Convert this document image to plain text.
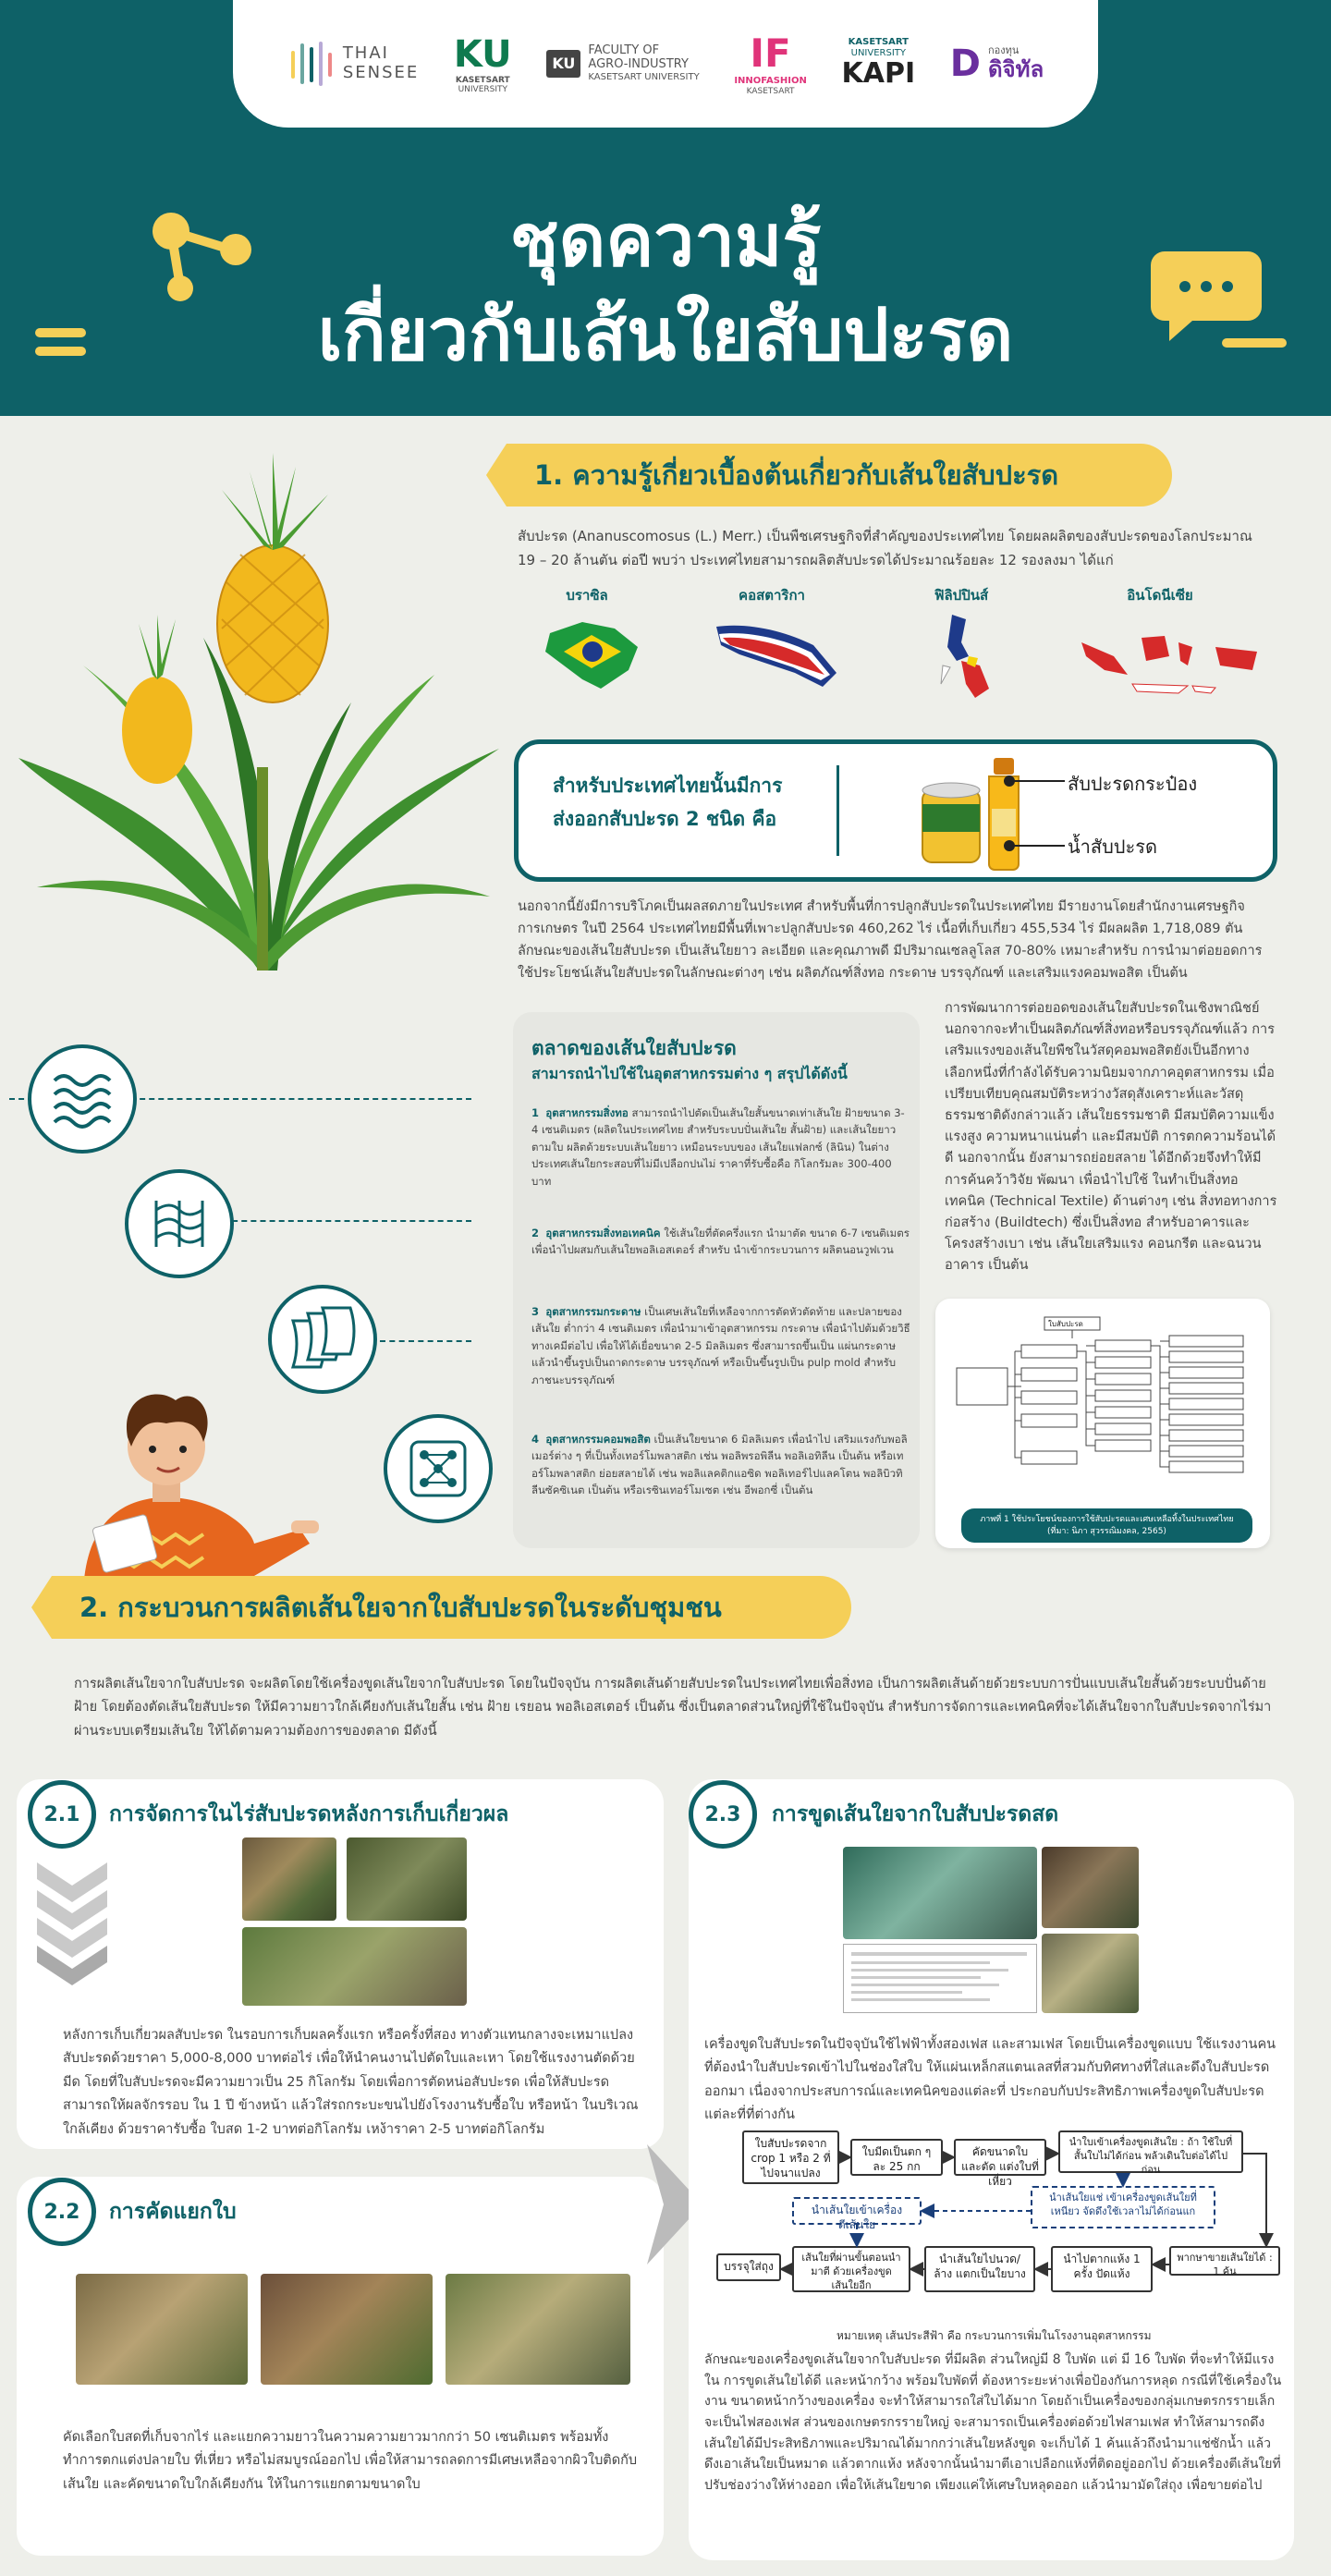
THAI
SENSEE KU
KASETSART
UNIVERSITY
KU
FACULTY OF
AGRO-INDUSTRY
KASETSART UNIVERSITY
IF
INNOFASHION
KASETSART
KASETSART
UNIVERSITY
KAPI D กองทุน
ดิจิทัล
ชุดความรู้
เกี่ยวกับเส้นใยสับปะรด
1. ความรู้เกี่ยวเบื้องต้นเกี่ยวกับเส้นใยสับปะรด
สับปะรด (Ananuscomosus (L.) Merr.) เป็นพืชเศรษฐกิจที่สำคัญของประเทศไทย โดยผลผลิตของสับปะรดของโลกประมาณ 19 – 20 ล้านตัน ต่อปี พบว่า ประเทศไทยสามารถผลิตสับปะรดได้ประมาณร้อยละ 12 รองลงมา ได้แก่
บราซิล	คอสตาริกา	ฟิลิปปินส์	อินโดนีเซีย
สำหรับประเทศไทยนั้นมีการ
ส่งออกสับปะรด 2 ชนิด คือ
สับปะรดกระป๋อง
น้ำสับปะรด
นอกจากนี้ยังมีการบริโภคเป็นผลสดภายในประเทศ สำหรับพื้นที่การปลูกสับปะรดในประเทศไทย มีรายงานโดยสำนักงานเศรษฐกิจการเกษตร ในปี 2564 ประเทศไทยมีพื้นที่เพาะปลูกสับปะรด 460,262 ไร่ เนื้อที่เก็บเกี่ยว 455,534 ไร่ มีผลผลิต 1,718,089 ตัน ลักษณะของเส้นใยสับปะรด เป็นเส้นใยยาว ละเอียด และคุณภาพดี มีปริมาณเซลลูโลส 70-80% เหมาะสำหรับ การนำมาต่อยอดการใช้ประโยชน์เส้นใยสับปะรดในลักษณะต่างๆ เช่น ผลิตภัณฑ์สิ่งทอ กระดาษ บรรจุภัณฑ์ และเสริมแรงคอมพอสิต เป็นต้น
ตลาดของเส้นใยสับปะรด
สามารถนำไปใช้ในอุตสาหกรรมต่าง ๆ สรุปได้ดังนี้
1 อุตสาหกรรมสิ่งทอ สามารถนำไปตัดเป็นเส้นใยสั้นขนาดเท่าเส้นใย ฝ้ายขนาด 3-4 เซนติเมตร (ผลิตในประเทศไทย สำหรับระบบปั่นเส้นใย สั้นฝ้าย) และเส้นใยยาวตามใบ ผลิตด้วยระบบเส้นใยยาว เหมือนระบบของ เส้นใยแฟลกซ์ (ลินิน) ในต่างประเทศเส้นใยกระสอบที่ไม่มีเปลือกปนไม่ ราคาที่รับซื้อคือ กิโลกรัมละ 300-400 บาท
2 อุตสาหกรรมสิ่งทอเทคนิค ใช้เส้นใยที่ตัดครึ่งแรก นำมาตัด ขนาด 6-7 เซนติเมตร เพื่อนำไปผสมกับเส้นใยพอลิเอสเตอร์ สำหรับ นำเข้ากระบวนการ ผลิตนอนวูฟเวน
3 อุตสาหกรรมกระดาษ เป็นเศษเส้นใยที่เหลือจากการตัดหัวตัดท้าย และปลายของเส้นใย ต่ำกว่า 4 เซนติเมตร เพื่อนำมาเข้าอุตสาหกรรม กระดาษ เพื่อนำไปต้มด้วยวิธี ทางเคมีต่อไป เพื่อให้ได้เยื่อขนาด 2-5 มิลลิเมตร ซึ่งสามารถขึ้นเป็น แผ่นกระดาษ แล้วนำขึ้นรูปเป็นถาดกระดาษ บรรจุภัณฑ์ หรือเป็นขึ้นรูปเป็น pulp mold สำหรับภาชนะบรรจุภัณฑ์
4 อุตสาหกรรมคอมพอสิต เป็นเส้นใยขนาด 6 มิลลิเมตร เพื่อนำไป เสริมแรงกับพอลิเมอร์ต่าง ๆ ที่เป็นทั้งเทอร์โมพลาสติก เช่น พอลิพรอพิลีน พอลิเอทิลีน เป็นต้น หรือเทอร์โมพลาสติก ย่อยสลายได้ เช่น พอลิแลคติกแอซิด พอลิเทอร์ไปแลคโตน พอลิบิวทิลีนซัคซิเนต เป็นต้น หรือเรซินเทอร์โมเซต เช่น อีพอกซี่ เป็นต้น
การพัฒนาการต่อยอดของเส้นใยสับปะรดในเชิงพาณิชย์ นอกจากจะทำเป็นผลิตภัณฑ์สิ่งทอหรือบรรจุภัณฑ์แล้ว การเสริมแรงของเส้นใยพืชในวัสดุคอมพอสิตยังเป็นอีกทางเลือกหนึ่งที่กำลังได้รับความนิยมจากภาคอุตสาหกรรม เมื่อเปรียบเทียบคุณสมบัติระหว่างวัสดุสังเคราะห์และวัสดุธรรมชาติดังกล่าวแล้ว เส้นใยธรรมชาติ มีสมบัติความแข็งแรงสูง ความหนาแน่นต่ำ และมีสมบัติ การตกความร้อนได้ดี นอกจากนั้น ยังสามารถย่อยสลาย ได้อีกด้วยจึงทำให้มีการค้นคว้าวิจัย พัฒนา เพื่อนำไปใช้ ในทำเป็นสิ่งทอเทคนิค (Technical Textile) ด้านต่างๆ เช่น สิ่งทอทางการก่อสร้าง (Buildtech) ซึ่งเป็นสิ่งทอ สำหรับอาคารและโครงสร้างเบา เช่น เส้นใยเสริมแรง คอนกรีต และฉนวนอาคาร เป็นต้น
ใบสับปะรด
ภาพที่ 1 ใช้ประโยชน์ของการใช้สับปะรดและเศษเหลือทิ้งในประเทศไทย (ที่มา: นิภา สุวรรณิมงคล, 2565)
2. กระบวนการผลิตเส้นใยจากใบสับปะรดในระดับชุมชน
การผลิตเส้นใยจากใบสับปะรด จะผลิตโดยใช้เครื่องขูดเส้นใยจากใบสับปะรด โดยในปัจจุบัน การผลิตเส้นด้ายสับปะรดในประเทศไทยเพื่อสิ่งทอ เป็นการผลิตเส้นด้ายด้วยระบบการปั่นแบบเส้นใยสั้นด้วยระบบปั่นด้ายฝ้าย โดยต้องตัดเส้นใยสับปะรด ให้มีความยาวใกล้เคียงกับเส้นใยสั้น เช่น ฝ้าย เรยอน พอลิเอสเตอร์ เป็นต้น ซึ่งเป็นตลาดส่วนใหญ่ที่ใช้ในปัจจุบัน สำหรับการจัดการและเทคนิคที่จะได้เส้นใยจากใบสับปะรดจากไร่มาผ่านระบบเตรียมเส้นใย ให้ได้ตามความต้องการของตลาด มีดังนี้
2.1	การจัดการในไร่สับปะรดหลังการเก็บเกี่ยวผล
หลังการเก็บเกี่ยวผลสับปะรด ในรอบการเก็บผลครั้งแรก หรือครั้งที่สอง ทางตัวแทนกลางจะเหมาแปลงสับปะรดด้วยราคา 5,000-8,000 บาทต่อไร่ เพื่อให้นำคนงานไปตัดใบและเหา โดยใช้แรงงานตัดด้วยมีด โดยที่ใบสับปะรดจะมีความยาวเป็น 25 กิโลกรัม โดยเพื่อการตัดหน่อสับปะรด เพื่อให้สับปะรดสามารถให้ผลจักรรอบ ใน 1 ปี ข้างหน้า แล้วใส่รถกระบะขนไปยังโรงงานรับซื้อใบ หรือหน้า ในบริเวณใกล้เคียง ด้วยราคารับซื้อ ใบสด 1-2 บาทต่อกิโลกรัม เหง้าราคา 2-5 บาทต่อกิโลกรัม
2.2	การคัดแยกใบ
คัดเลือกใบสดที่เก็บจากไร่ และแยกความยาวในความความยาวมากกว่า 50 เซนติเมตร พร้อมทั้ง ทำการตกแต่งปลายใบ ที่เหี่ยว หรือไม่สมบูรณ์ออกไป เพื่อให้สามารถลดการมีเศษเหลือจากผิวใบติดกับเส้นใย และคัดขนาดใบใกล้เคียงกัน ให้ในการแยกตามขนาดใบ
2.3	การขูดเส้นใยจากใบสับปะรดสด
เครื่องขูดใบสับปะรดในปัจจุบันใช้ไฟฟ้าทั้งสองเฟส และสามเฟส โดยเป็นเครื่องขูดแบบ ใช้แรงงานคน ที่ต้องนำใบสับปะรดเข้าไปในช่องใส่ใบ ให้แผ่นเหล็กสแตนเลสที่สวมกับทิศทางที่ใส่และดึงใบสับปะรดออกมา เนื่องจากประสบการณ์และเทคนิคของแต่ละที่ ประกอบกับประสิทธิภาพเครื่องขูดใบสับปะรด แต่ละที่ที่ต่างกัน
ใบสับปะรดจาก crop 1 หรือ 2 ที่ไปจนาแปลง
ใบมีดเป็นตก ๆ ละ 25 กก
คัดขนาดใบ และตัด แต่งใบที่เหี่ยว
นำใบเข้าเครื่องขูดเส้นใย : ถ้า ใช้ใบที่สั้นใบไม่ได้ก่อน พล้วเดินใบต่อได้ไปก่อน
นำเส้นใยเข้าเครื่องตีเส้นใย
นำเส้นใยแช่ เข้าเครื่องขูดเส้นใยที่เหนียว จัดดึงใช้เวลาไม่ได้ก่อนแก
พากษาขายเส้นใยได้ : 1 ค้น
นำไปตากแห้ง 1 ครั้ง ปัดแห้ง
นำเส้นใยไปนวด/ล้าง แตกเป็นใยบาง
เส้นใยที่ผ่านขั้นตอนนำมาตี ด้วยเครื่องขูดเส้นใยอีก
บรรจุใส่ถุง
หมายเหตุ เส้นประสีฟ้า คือ กระบวนการเพิ่มในโรงงานอุตสาหกรรม
ลักษณะของเครื่องขูดเส้นใยจากใบสับปะรด ที่มีผลิต ส่วนใหญ่มี 8 ใบพัด แต่ มี 16 ใบพัด ที่จะทำให้มีแรงใน การขูดเส้นใยได้ดี และหน้ากว้าง พร้อมใบพัดที่ ต้องหาระยะห่างเพื่อป้องกันการหลุด กรณีที่ใช้เครื่องในงาน ขนาดหน้ากว้างของเครื่อง จะทำให้สามารถใส่ใบได้มาก โดยถ้าเป็นเครื่องของกลุ่มเกษตรกรรายเล็ก จะเป็นไฟสองเฟส ส่วนของเกษตรกรรายใหญ่ จะสามารถเป็นเครื่องต่อด้วยไฟสามเฟส ทำให้สามารถดึงเส้นใยได้มีประสิทธิภาพและปริมาณได้มากกว่าเส้นใยหลังขูด จะเก็บได้ 1 ค้นแล้วถึงนำมาแช่ซักน้ำ แล้วดึงเอาเส้นใยเป็นหมาด แล้วตากแห้ง หลังจากนั้นนำมาตีเอาเปลือกแห้งที่ติดอยู่ออกไป ด้วยเครื่องตีเส้นใยที่ปรับช่องว่างให้ห่างออก เพื่อให้เส้นใยขาด เพียงแค่ให้เศษใบหลุดออก แล้วนำมามัดใส่ถุง เพื่อขายต่อไป
